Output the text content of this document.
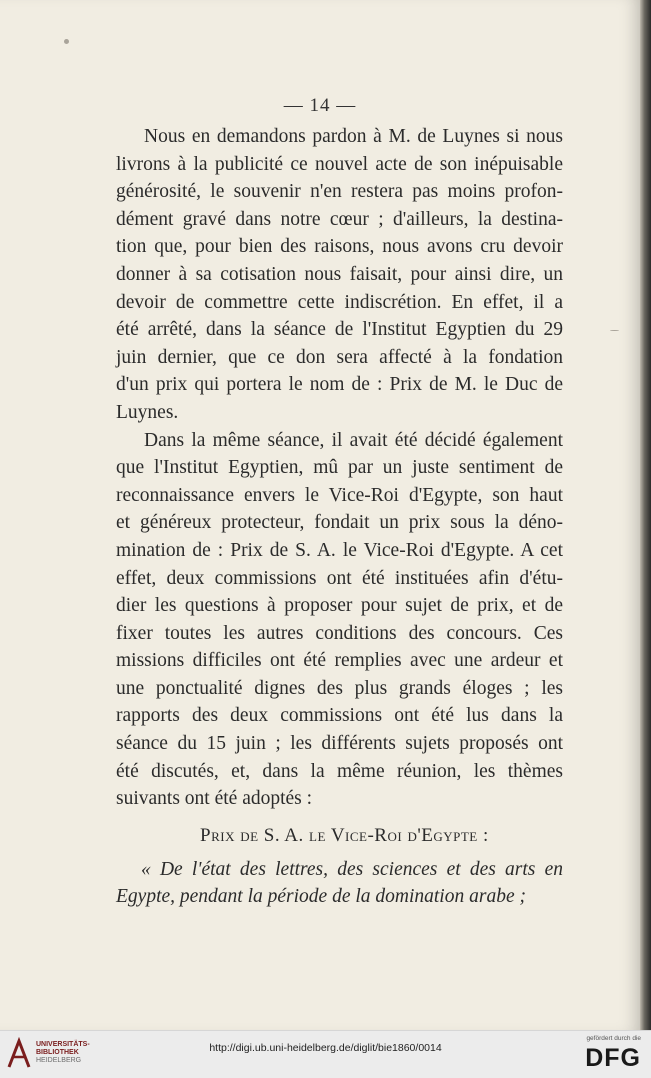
— 14 —
Nous en demandons pardon à M. de Luynes si nous
livrons à la publicité ce nouvel acte de son inépuisable
générosité, le souvenir n'en restera pas moins profon-
dément gravé dans notre cœur ; d'ailleurs, la destina-
tion que, pour bien des raisons, nous avons cru devoir
donner à sa cotisation nous faisait, pour ainsi dire, un
devoir de commettre cette indiscrétion. En effet, il a
été arrêté, dans la séance de l'Institut Egyptien du 29
juin dernier, que ce don sera affecté à la fondation
d'un prix qui portera le nom de : Prix de M. le Duc de
Luynes.
Dans la même séance, il avait été décidé également
que l'Institut Egyptien, mû par un juste sentiment de
reconnaissance envers le Vice-Roi d'Egypte, son haut
et généreux protecteur, fondait un prix sous la déno-
mination de : Prix de S. A. le Vice-Roi d'Egypte. A cet
effet, deux commissions ont été instituées afin d'étu-
dier les questions à proposer pour sujet de prix, et de
fixer toutes les autres conditions des concours. Ces
missions difficiles ont été remplies avec une ardeur et
une ponctualité dignes des plus grands éloges ; les
rapports des deux commissions ont été lus dans la
séance du 15 juin ; les différents sujets proposés ont
été discutés, et, dans la même réunion, les thèmes
suivants ont été adoptés :
Prix de S. A. le Vice-Roi d'Egypte :
« De l'état des lettres, des sciences et des arts en
Egypte, pendant la période de la domination arabe ;
UNIVERSITÄTS-
BIBLIOTHEK
HEIDELBERG
http://digi.ub.uni-heidelberg.de/diglit/bie1860/0014
gefördert durch die
DFG
